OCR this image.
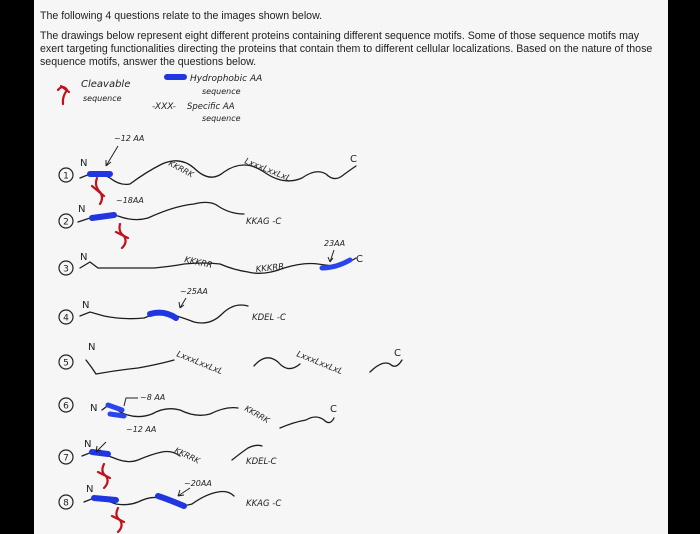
The following 4 questions relate to the images shown below.
The drawings below represent eight different proteins containing different sequence motifs. Some of those sequence motifs may exert targeting functionalities directing the proteins that contain them to different cellular localizations. Based on the nature of those sequence motifs, answer the questions below.
Cleavable
sequence
Hydrophobic AA
sequence
-XXX- Specific AA
sequence
1
N	C
~12 AA
KKRRK	LxxxLxxLxL
2
N
~18AA
KKAG -C
3
N	C
23AA
KKKRR	KKKRR
4
N
~25AA
KDEL -C
5
N
C
LxxxLxxLxL	LxxxLxxLxL
6 N	C
~8 AA
~12 AA
KKRRK
7
N
KKRRK	KDEL-C
8
N
~20AA
KKAG -C
